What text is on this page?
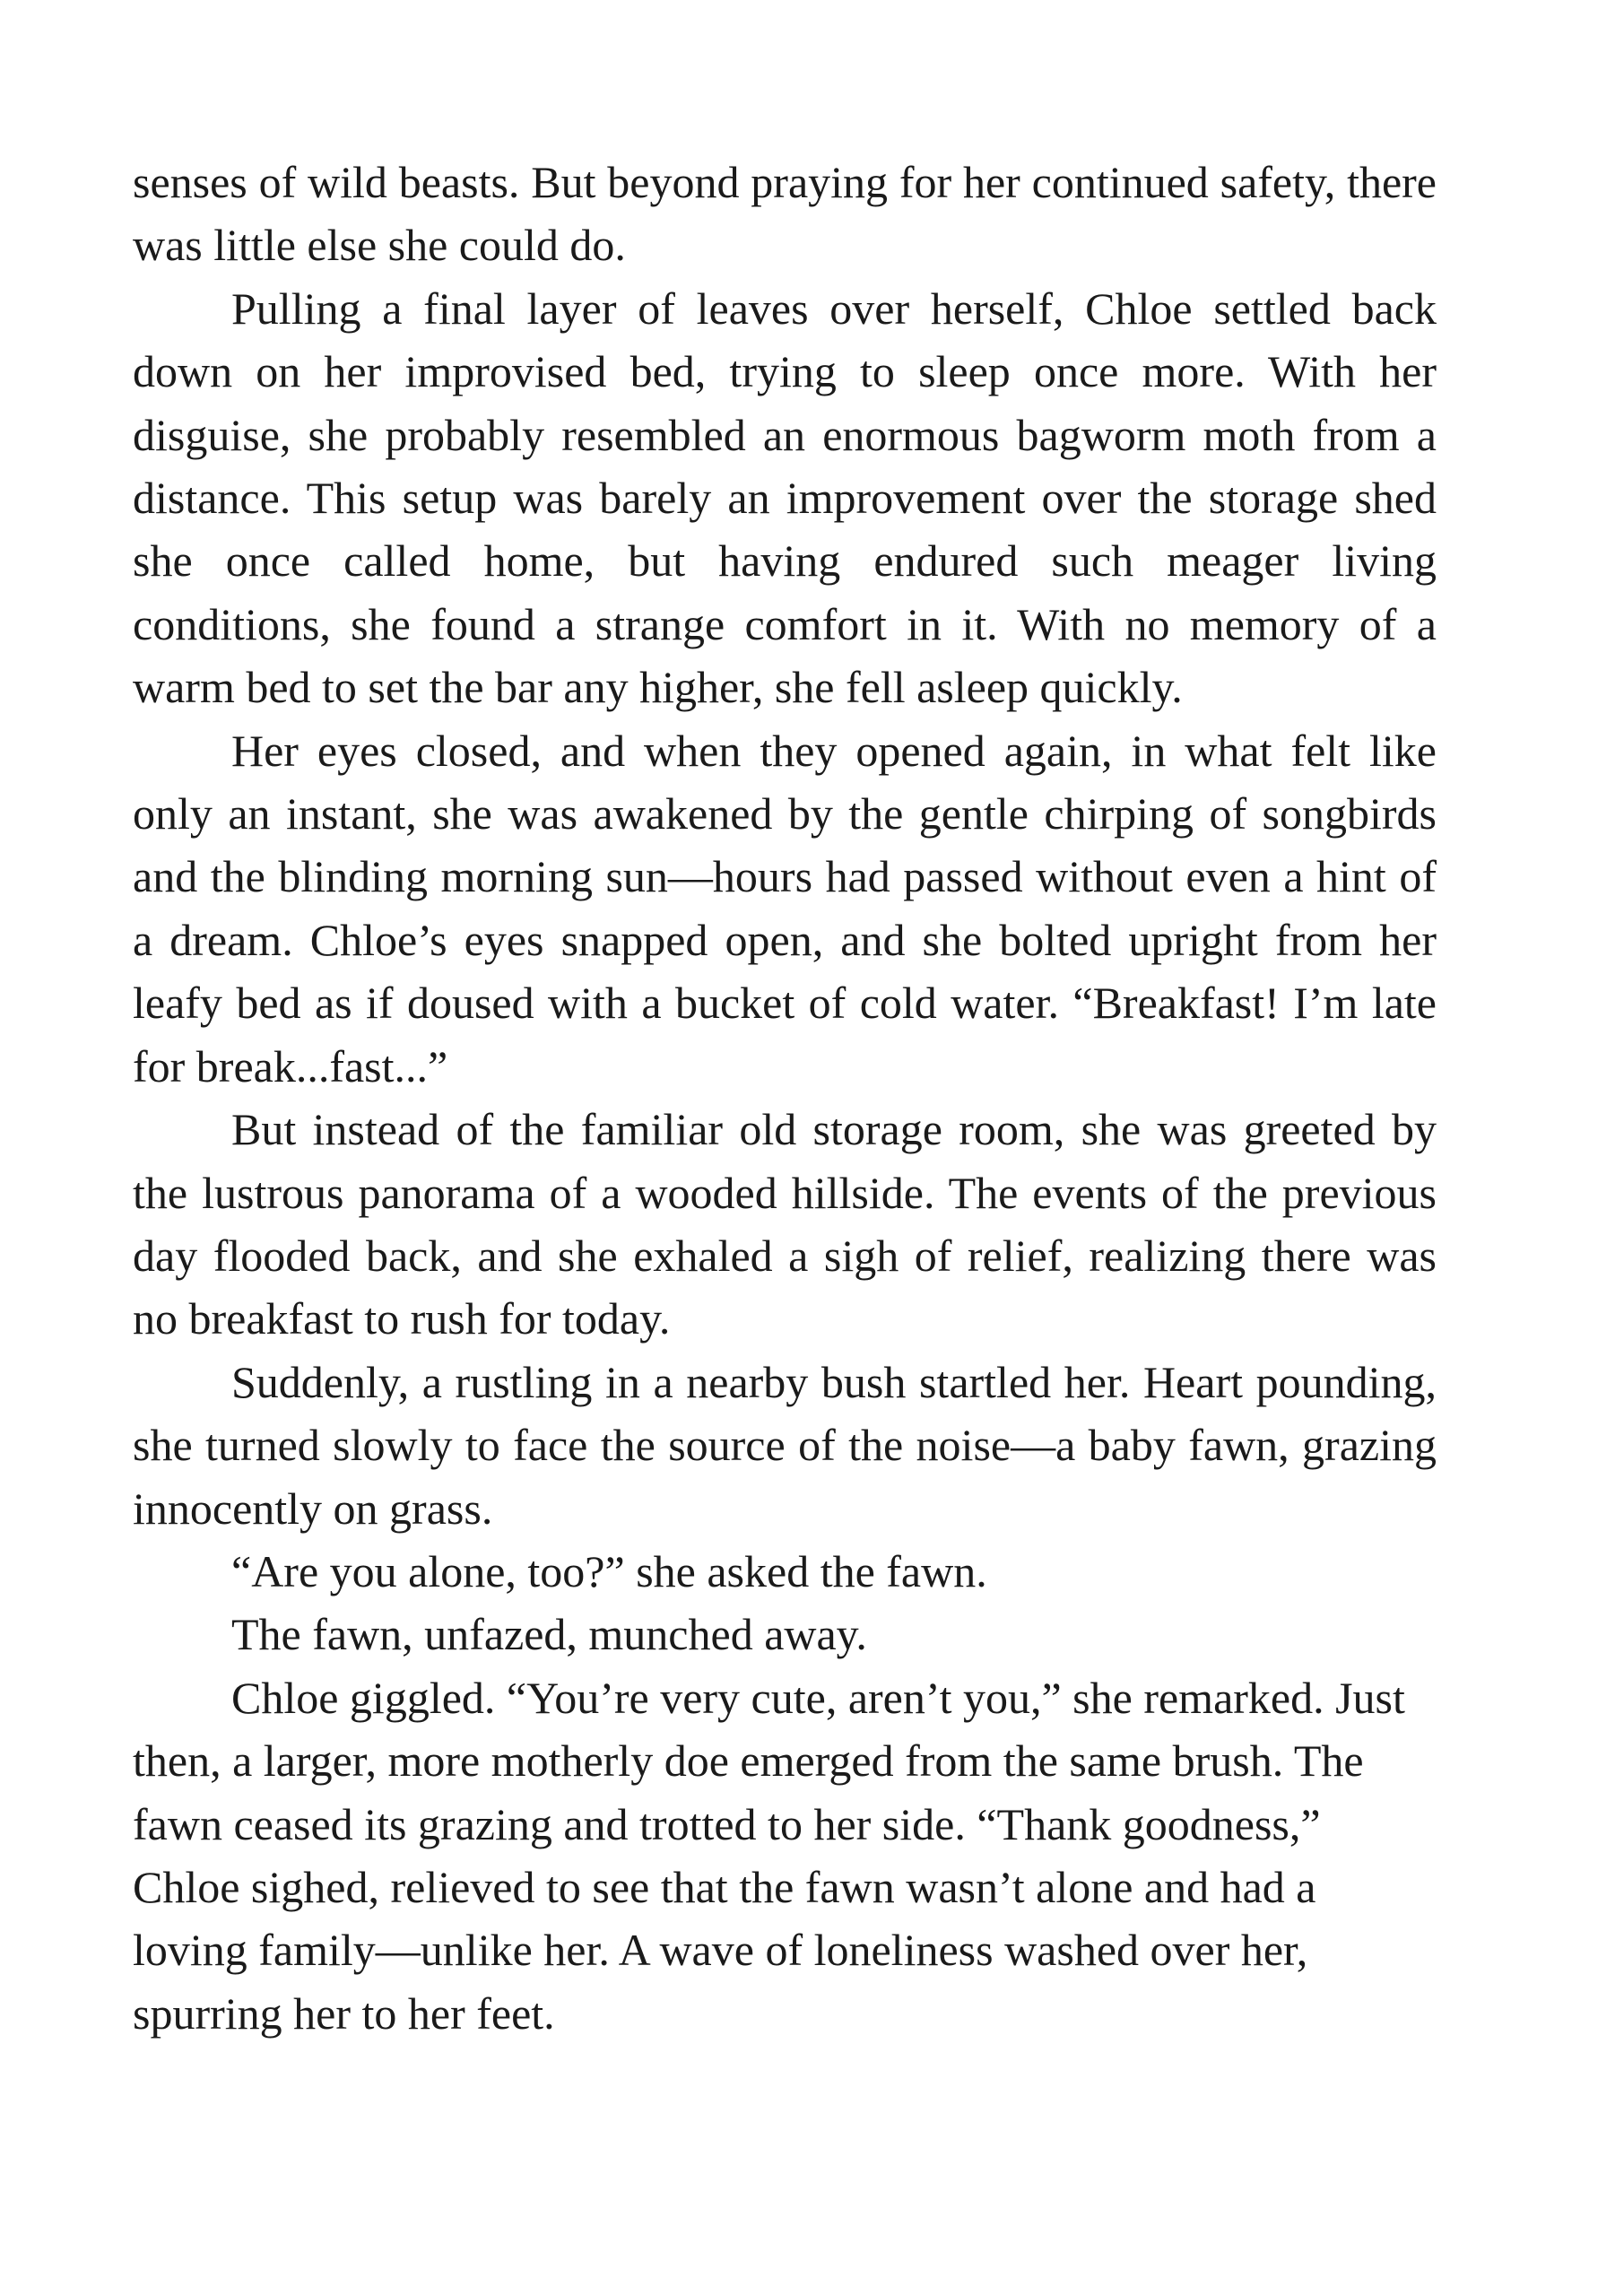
senses of wild beasts. But beyond praying for her continued safety, there was little else she could do.

Pulling a final layer of leaves over herself, Chloe settled back down on her improvised bed, trying to sleep once more. With her disguise, she probably resembled an enormous bagworm moth from a distance. This setup was barely an improvement over the storage shed she once called home, but having endured such meager living conditions, she found a strange comfort in it. With no memory of a warm bed to set the bar any higher, she fell asleep quickly.

Her eyes closed, and when they opened again, in what felt like only an instant, she was awakened by the gentle chirping of songbirds and the blinding morning sun—hours had passed without even a hint of a dream. Chloe’s eyes snapped open, and she bolted upright from her leafy bed as if doused with a bucket of cold water. “Breakfast! I’m late for break...fast...”

But instead of the familiar old storage room, she was greeted by the lustrous panorama of a wooded hillside. The events of the previous day flooded back, and she exhaled a sigh of relief, realizing there was no breakfast to rush for today.

Suddenly, a rustling in a nearby bush startled her. Heart pounding, she turned slowly to face the source of the noise—a baby fawn, grazing innocently on grass.

“Are you alone, too?” she asked the fawn.

The fawn, unfazed, munched away.

Chloe giggled. “You’re very cute, aren’t you,” she remarked. Just then, a larger, more motherly doe emerged from the same brush. The fawn ceased its grazing and trotted to her side. “Thank goodness,” Chloe sighed, relieved to see that the fawn wasn’t alone and had a loving family—unlike her. A wave of loneliness washed over her, spurring her to her feet.
